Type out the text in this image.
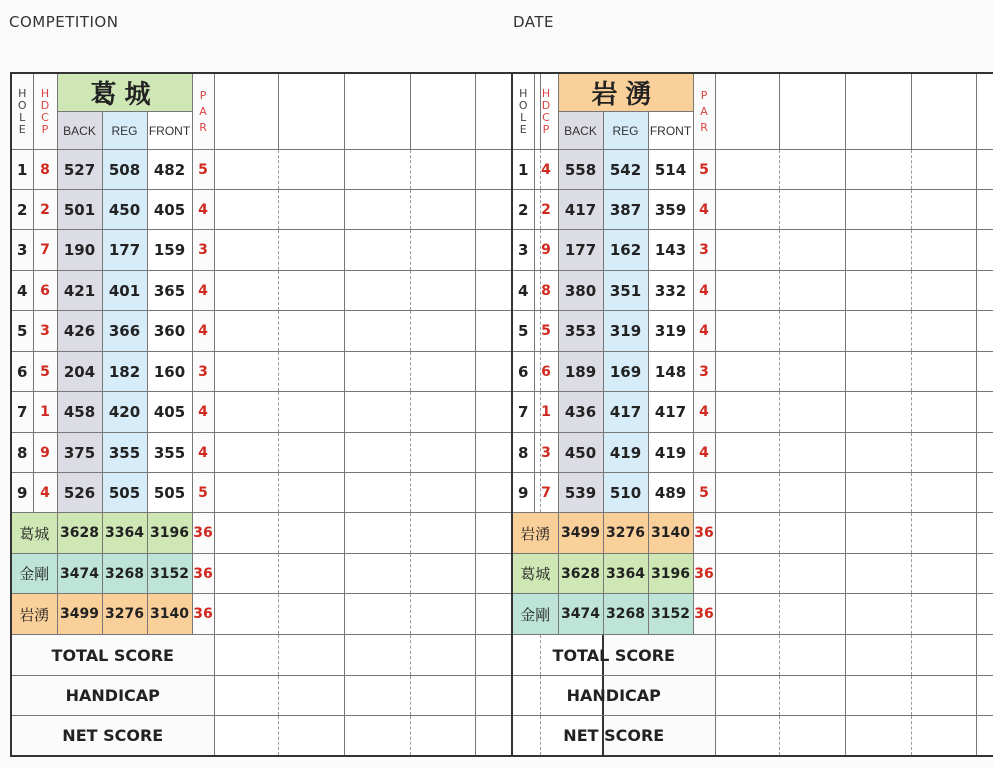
COMPETITION	DATE
H
O
L
E	H
D
C
P	葛城			P
A
R						

		BACK	REG	FRONT							
1	8	527	508	482	5						
2	2	501	450	405	4						
3	7	190	177	159	3						
4	6	421	401	365	4						
5	3	426	366	360	4						
6	5	204	182	160	3						
7	1	458	420	405	4						
8	9	375	355	355	4						
9	4	526	505	505	5						
葛城		3628	3364	3196	36						
金剛		3474	3268	3152	36						
岩湧		3499	3276	3140	36						
TOTAL SCORE											
HANDICAP											
NET SCORE											
H
O
L
E	H
D
C
P	岩湧			P
A
R						

		BACK	REG	FRONT							
1	4	558	542	514	5						
2	2	417	387	359	4						
3	9	177	162	143	3						
4	8	380	351	332	4						
5	5	353	319	319	4						
6	6	189	169	148	3						
7	1	436	417	417	4						
8	3	450	419	419	4						
9	7	539	510	489	5						
岩湧		3499	3276	3140	36						
葛城		3628	3364	3196	36						
金剛		3474	3268	3152	36						
TOTAL SCORE											
HANDICAP											
NET SCORE											
